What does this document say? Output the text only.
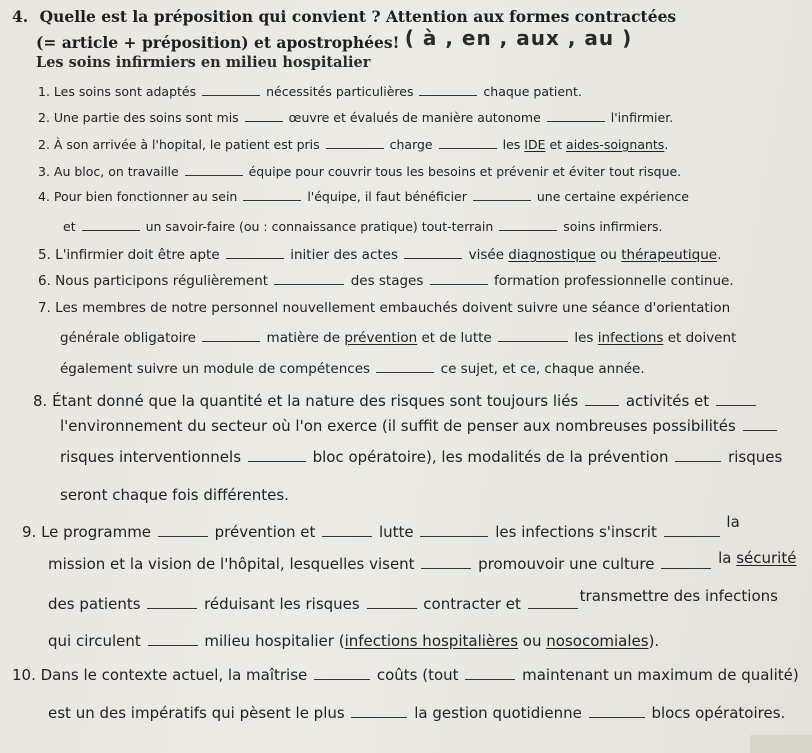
4. Quelle est la préposition qui convient ? Attention aux formes contractées
(= article + préposition) et apostrophées! ( à , en , aux , au )
Les soins infirmiers en milieu hospitalier
1. Les soins sont adaptés	nécessités particulières	chaque patient.
2. Une partie des soins sont mis	œuvre et évalués de manière autonome	l'infirmier.
2. À son arrivée à l'hopital, le patient est pris	charge	les IDE et aides-soignants.
3. Au bloc, on travaille	équipe pour couvrir tous les besoins et prévenir et éviter tout risque.
4. Pour bien fonctionner au sein	l'équipe, il faut bénéficier	une certaine expérience
et	un savoir-faire (ou : connaissance pratique) tout-terrain	soins infirmiers.
5. L'infirmier doit être apte	initier des actes	visée diagnostique ou thérapeutique.
6. Nous participons régulièrement	des stages	formation professionnelle continue.
7. Les membres de notre personnel nouvellement embauchés doivent suivre une séance d'orientation
générale obligatoire	matière de prévention et de lutte	les infections et doivent
également suivre un module de compétences	ce sujet, et ce, chaque année.
8. Étant donné que la quantité et la nature des risques sont toujours liés	activités et
l'environnement du secteur où l'on exerce (il suffit de penser aux nombreuses possibilités
risques interventionnels	bloc opératoire), les modalités de la prévention	risques
seront chaque fois différentes.
9. Le programme	prévention et	lutte	les infections s'inscrit  la
mission et la vision de l'hôpital, lesquelles visent	promouvoir une culture	la sécurité
des patients	réduisant les risques	contracter et	transmettre des infections
qui circulent	milieu hospitalier (infections hospitalières ou nosocomiales).
10. Dans le contexte actuel, la maîtrise	coûts (tout	maintenant un maximum de qualité)
est un des impératifs qui pèsent le plus	la gestion quotidienne	blocs opératoires.
